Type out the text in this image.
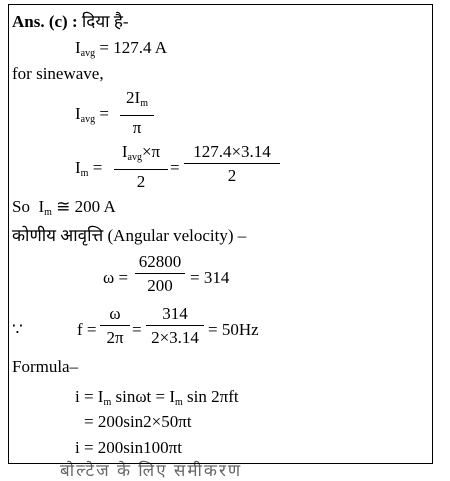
Ans. (c) : दिया है-
$I_{avg} = 127.4$ A
for sinewave,
$I_{avg}$ =
$2I_m$
π
$I_m$ =
$I_{avg}\times\pi$
2
=
127.4×3.14
2
So $I_m$ ≅ 200 A
कोणीय आवृत्ति (Angular velocity) –
ω =
62800
200	= 314
∵	f =
ω
2π =
314
2×3.14 = 50Hz
Formula–
$i = I_m$ $\sin\omega t = I_m$ sin 2πft
= 200sin2×50πt
i = 200sin100πt
बोल्टेज के लिए समीकरण
